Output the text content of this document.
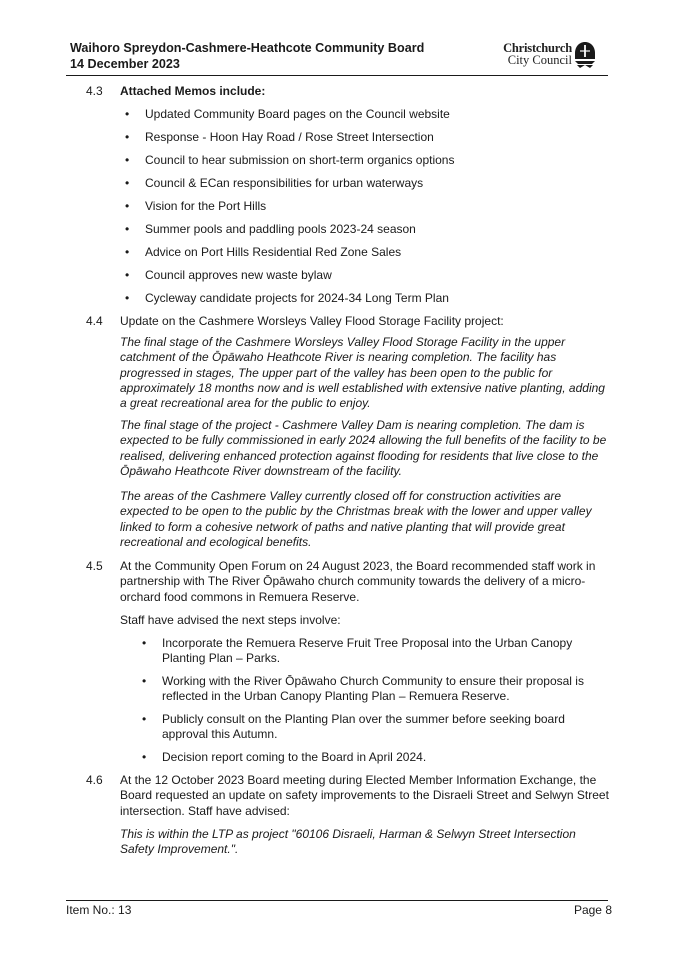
Waihoro Spreydon-Cashmere-Heathcote Community Board
14 December 2023
Christchurch
City Council
4.3 Attached Memos include:
• Updated Community Board pages on the Council website
• Response - Hoon Hay Road / Rose Street Intersection
• Council to hear submission on short-term organics options
• Council & ECan responsibilities for urban waterways
• Vision for the Port Hills
• Summer pools and paddling pools 2023-24 season
• Advice on Port Hills Residential Red Zone Sales
• Council approves new waste bylaw
• Cycleway candidate projects for 2024-34 Long Term Plan
4.4 Update on the Cashmere Worsleys Valley Flood Storage Facility project:
The final stage of the Cashmere Worsleys Valley Flood Storage Facility in the upper catchment of the Ōpāwaho Heathcote River is nearing completion. The facility has progressed in stages, The upper part of the valley has been open to the public for approximately 18 months now and is well established with extensive native planting, adding a great recreational area for the public to enjoy.
The final stage of the project - Cashmere Valley Dam is nearing completion. The dam is expected to be fully commissioned in early 2024 allowing the full benefits of the facility to be realised, delivering enhanced protection against flooding for residents that live close to the Ōpāwaho Heathcote River downstream of the facility.
The areas of the Cashmere Valley currently closed off for construction activities are expected to be open to the public by the Christmas break with the lower and upper valley linked to form a cohesive network of paths and native planting that will provide great recreational and ecological benefits.
4.5 At the Community Open Forum on 24 August 2023, the Board recommended staff work in partnership with The River Ōpāwaho church community towards the delivery of a micro-orchard food commons in Remuera Reserve.
Staff have advised the next steps involve:
• Incorporate the Remuera Reserve Fruit Tree Proposal into the Urban Canopy Planting Plan – Parks.
• Working with the River Ōpāwaho Church Community to ensure their proposal is reflected in the Urban Canopy Planting Plan – Remuera Reserve.
• Publicly consult on the Planting Plan over the summer before seeking board approval this Autumn.
• Decision report coming to the Board in April 2024.
4.6 At the 12 October 2023 Board meeting during Elected Member Information Exchange, the Board requested an update on safety improvements to the Disraeli Street and Selwyn Street intersection. Staff have advised:
This is within the LTP as project "60106 Disraeli, Harman & Selwyn Street Intersection Safety Improvement.".
Item No.: 13	Page 8
